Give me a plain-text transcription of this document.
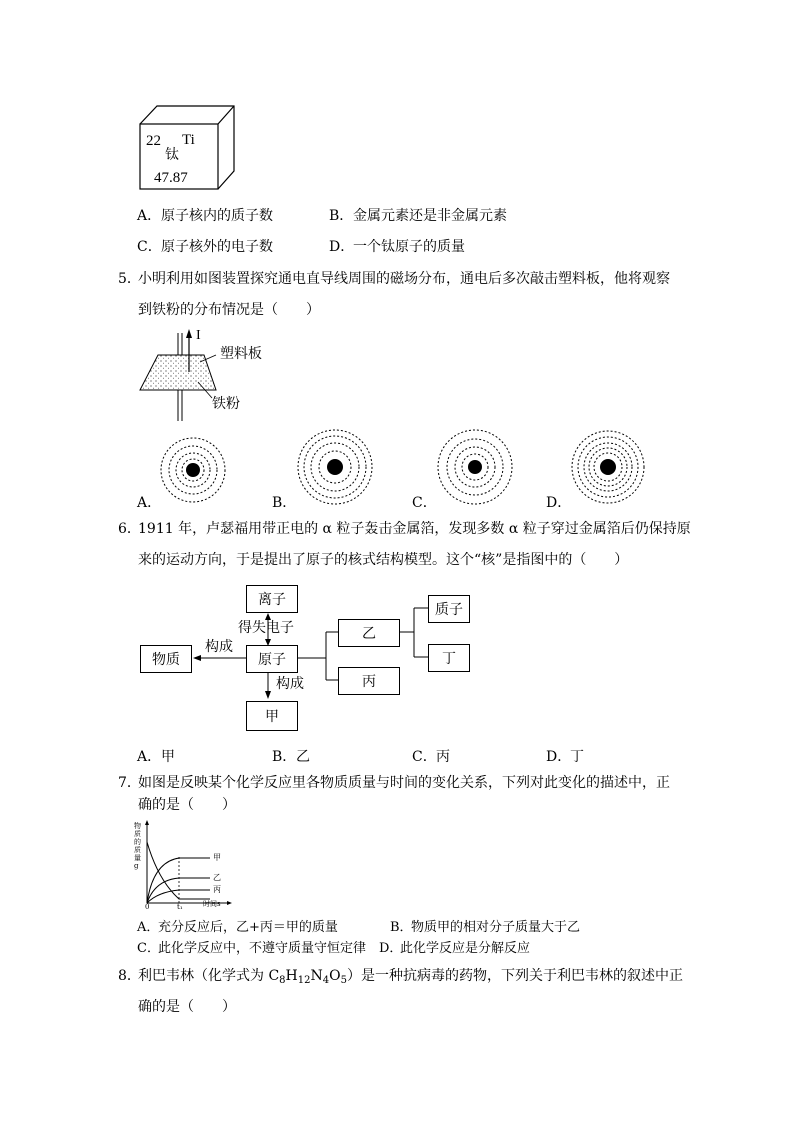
22 Ti
钛
47.87
A． 原子核内的质子数	B． 金属元素还是非金属元素
C． 原子核外的电子数	D．
一个钛原子的质量
5．
小明利用如图装置探究通电直导线周围的磁场分布，通电后多次敲击塑料板，他将观察
到铁粉的分布情况是（　　）
I
塑料板
铁粉
A．	B．	C．	D．
6．
1911 年，卢瑟福用带正电的 α 粒子轰击金属箔，发现多数 α 粒子穿过金属箔后仍保持原
来的运动方向，于是提出了原子的核式结构模型。这个“核”是指图中的（　　）
离子
得失电子
原子
物质
构成
构成
甲
乙
丙
质子
丁
A． 甲	B． 乙	C． 丙	D．
丁
7．
如图是反映某个化学反应里各物质质量与时间的变化关系，下列对此变化的描述中，正
确的是（　　）
物质的质量g
时间s
0	t₁
甲
乙
丙
A．
充分反应后，乙+丙＝甲的质量	B．
物质甲的相对分子质量大于乙
C．
此化学反应中，不遵守质量守恒定律 D．
此化学反应是分解反应
8．
利巴韦林（化学式为 $C_8H_{12}N_4O_5$）是一种抗病毒的药物，下列关于利巴韦林的叙述中正
确的是（　　）
